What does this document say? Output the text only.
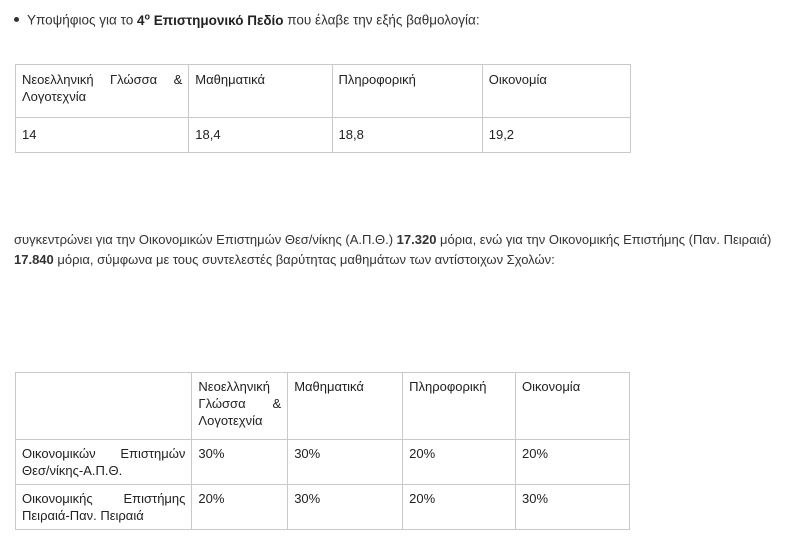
Υποψήφιος για το $4^o$ Επιστημονικό Πεδίο που έλαβε την εξής βαθμολογία:
Νεοελληνική Γλώσσα & Λογοτεχνία	Μαθηματικά	Πληροφορική	Οικονομία
14	18,4	18,8	19,2
συγκεντρώνει για την Οικονομικών Επιστημών Θεσ/νίκης (Α.Π.Θ.) 17.320 μόρια, ενώ για την Οικονομικής Επιστήμης (Παν. Πειραιά) 17.840 μόρια, σύμφωνα με τους συντελεστές βαρύτητας μαθημάτων των αντίστοιχων Σχολών:
	Νεοελληνική Γλώσσα & Λογοτεχνία	Μαθηματικά	Πληροφορική	Οικονομία
Οικονομικών Επιστημών Θεσ/νίκης-Α.Π.Θ.	30%	30%	20%	20%
Οικονομικής Επιστήμης Πειραιά-Παν. Πειραιά	20%	30%	20%	30%
